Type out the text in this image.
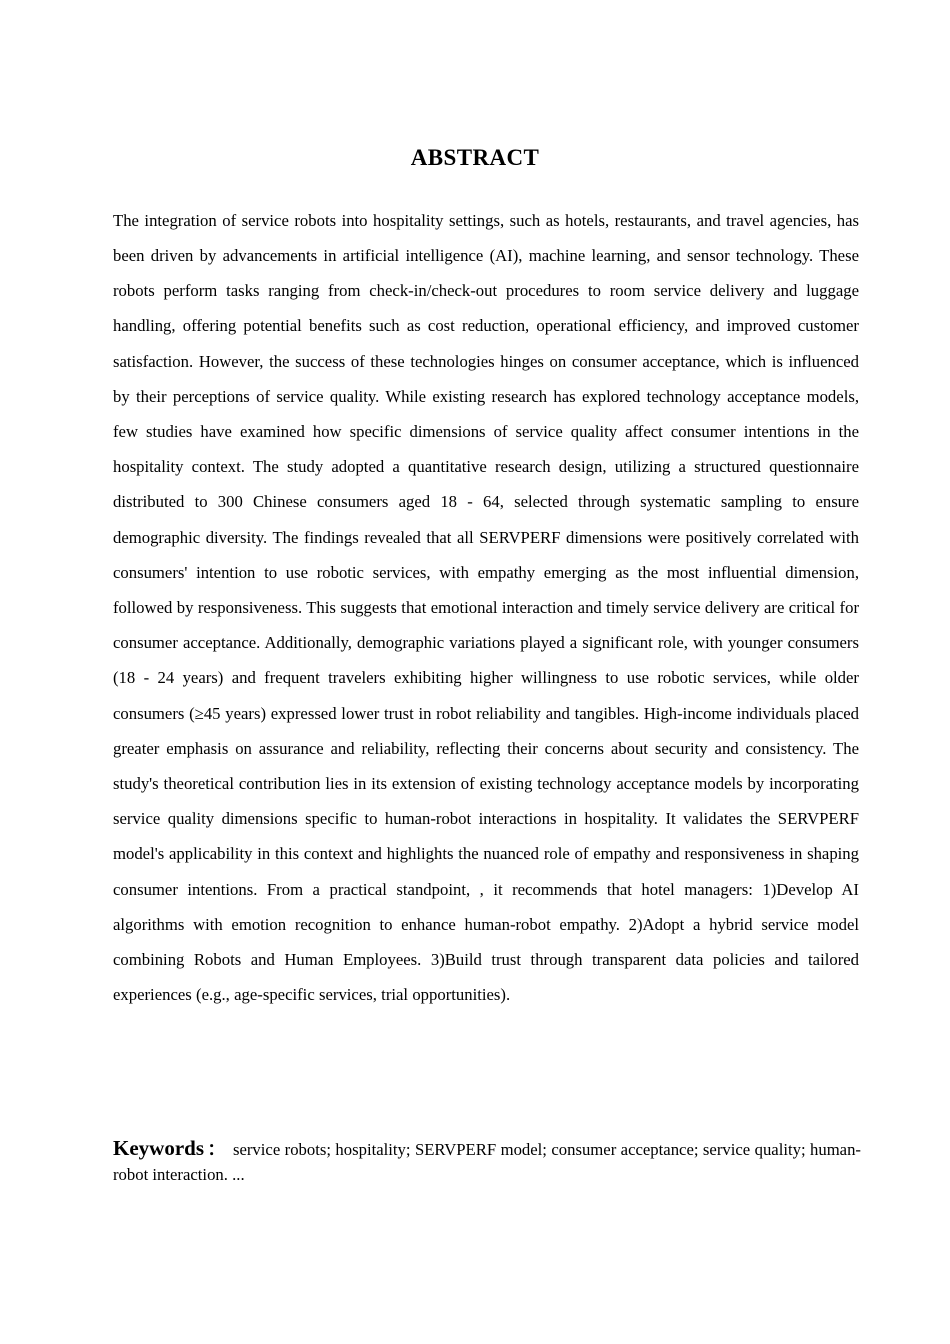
ABSTRACT

The integration of service robots into hospitality settings, such as hotels, restaurants, and travel agencies, has been driven by advancements in artificial intelligence (AI), machine learning, and sensor technology. These robots perform tasks ranging from check-in/check-out procedures to room service delivery and luggage handling, offering potential benefits such as cost reduction, operational efficiency, and improved customer satisfaction. However, the success of these technologies hinges on consumer acceptance, which is influenced by their perceptions of service quality. While existing research has explored technology acceptance models, few studies have examined how specific dimensions of service quality affect consumer intentions in the hospitality context. The study adopted a quantitative research design, utilizing a structured questionnaire distributed to 300 Chinese consumers aged 18 ‐ 64, selected through systematic sampling to ensure demographic diversity. The findings revealed that all SERVPERF dimensions were positively correlated with consumers' intention to use robotic services, with empathy emerging as the most influential dimension, followed by responsiveness. This suggests that emotional interaction and timely service delivery are critical for consumer acceptance. Additionally, demographic variations played a significant role, with younger consumers (18 ‐ 24 years) and frequent travelers exhibiting higher willingness to use robotic services, while older consumers (≥45 years) expressed lower trust in robot reliability and tangibles. High-income individuals placed greater emphasis on assurance and reliability, reflecting their concerns about security and consistency. The study's theoretical contribution lies in its extension of existing technology acceptance models by incorporating service quality dimensions specific to human-robot interactions in hospitality. It validates the SERVPERF model's applicability in this context and highlights the nuanced role of empathy and responsiveness in shaping consumer intentions. From a practical standpoint, , it recommends that hotel managers: 1)Develop AI algorithms with emotion recognition to enhance human-robot empathy. 2)Adopt a hybrid service model combining Robots and Human Employees. 3)Build trust through transparent data policies and tailored experiences (e.g., age-specific services, trial opportunities).

Keywords ： service robots; hospitality; SERVPERF model; consumer acceptance; service quality; human-robot interaction. ...
